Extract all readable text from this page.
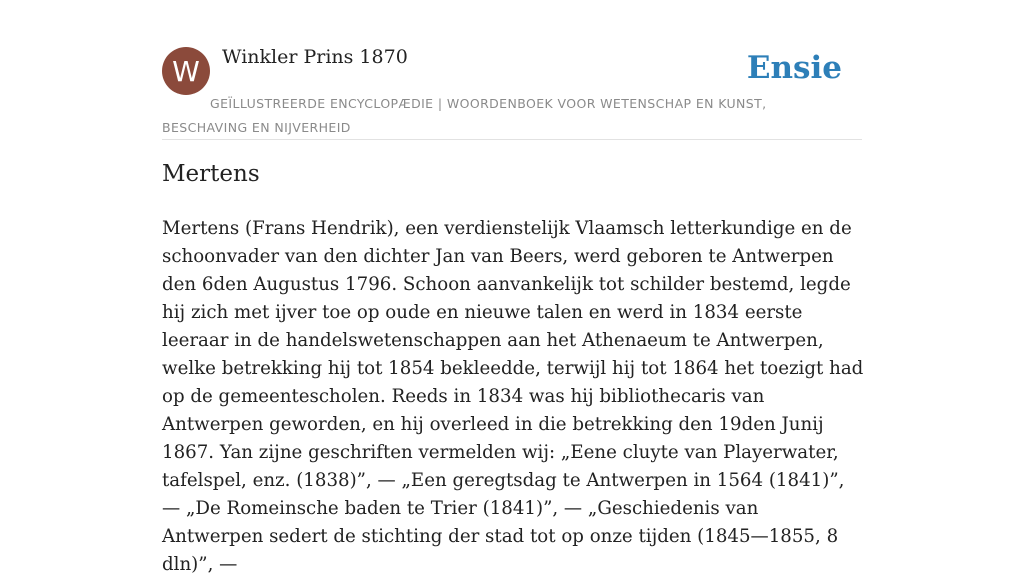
W	Winkler Prins 1870	Ensie
GEÏLLUSTREERDE ENCYCLOPÆDIE | WOORDENBOEK VOOR WETENSCHAP EN KUNST, BESCHAVING EN NIJVERHEID
Mertens

Mertens (Frans Hendrik), een verdienstelijk Vlaamsch letterkundige en de schoonvader van den dichter Jan van Beers, werd geboren te Antwerpen den 6den Augustus 1796. Schoon aanvankelijk tot schilder bestemd, legde hij zich met ijver toe op oude en nieuwe talen en werd in 1834 eerste leeraar in de handelswetenschappen aan het Athenaeum te Antwerpen, welke betrekking hij tot 1854 bekleedde, terwijl hij tot 1864 het toezigt had op de gemeentescholen. Reeds in 1834 was hij bibliothecaris van Antwerpen geworden, en hij overleed in die betrekking den 19den Junij 1867. Yan zijne geschriften vermelden wij: „Eene cluyte van Playerwater, tafelspel, enz. (1838)”, — „Een geregtsdag te Antwerpen in 1564 (1841)”, — „De Romeinsche baden te Trier (1841)”, — „Geschiedenis van Antwerpen sedert de stichting der stad tot op onze tijden (1845—1855, 8 dln)”, —
